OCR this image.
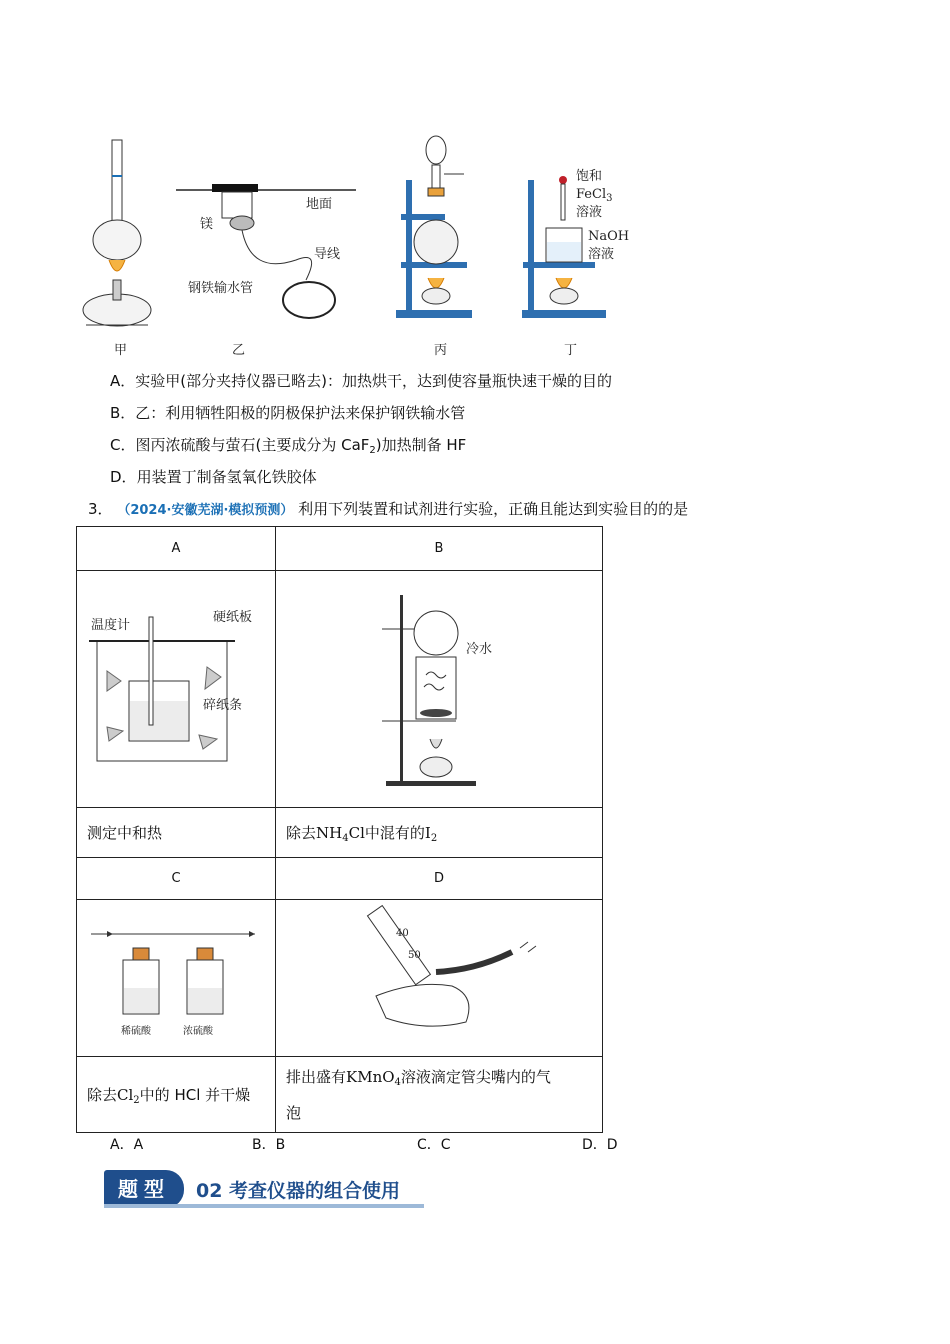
地面
镁
导线
钢铁输水管
饱和
FeCl$_3$
溶液
NaOH
溶液
甲	乙	丙	丁
A．实验甲(部分夹持仪器已略去)：加热烘干，达到使容量瓶快速干燥的目的
B．乙：利用牺牲阳极的阴极保护法来保护钢铁输水管
C．图丙浓硫酸与萤石(主要成分为 CaF$_2$)加热制备 HF
D．用装置丁制备氢氧化铁胶体
3． （2024·安徽芜湖·模拟预测） 利用下列装置和试剂进行实验，正确且能达到实验目的的是
A	B

温度计
硬纸板
碎纸条	冷水

测定中和热	除去$NH_4Cl$中混有的$I_2$
C	D

稀硫酸 浓硫酸	40
50

除去$Cl_2$中的 HCl 并干燥	排出盛有KMnO$_4$溶液滴定管尖嘴内的气
泡
A．A	B．B	C．C	D．D
题型	02 考查仪器的组合使用
